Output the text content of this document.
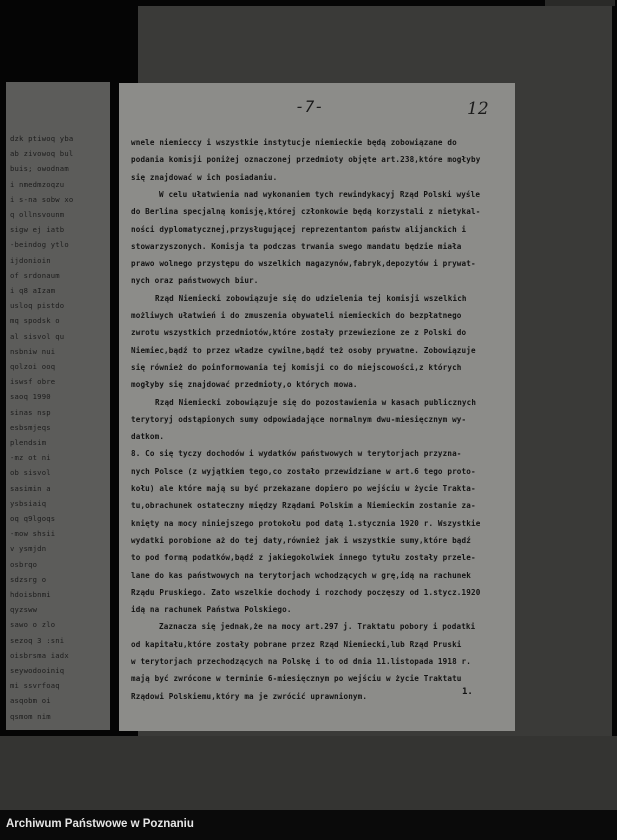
dzk ptiwoq yba
ab zivowoq bul
buis; owodnam
i nmedmzoqzu
i s-na sobw xo
q ollnsvounm
sigw ej iatb
-beindog ytlo
ijdonioin
of srdonaum
i q8 aIzam
usloq pistdo
mq spodsk o
al sisvol qu
nsbniw nui
qolzoi ooq
iswsf obre
saoq 1990
sinas nsp
esbsmjeqs
plendsim
-mz ot ni
ob sisvol
sasimin a
ysbsiaiq
oq q9lgoqs
-mow shsii
v ysmjdn
osbrqo
sdzsrg o
hdoisbnmi
qyzsww
sawo o zlo
sezoq 3 :sni
oisbrsma iadx
seywodooiniq
mi ssvrfoaq
asqobm oi
qsmom nim
-7-	12
1.
wnele niemieccy i wszystkie instytucje niemieckie będą zobowiązane do
podania komisji poniżej oznaczonej przedmioty objęte art.238,które mogłyby
się znajdować w ich posiadaniu.
W celu ułatwienia nad wykonaniem tych rewindykacyj Rząd Polski wyśle
do Berlina specjalną komisję,której członkowie będą korzystali z nietykal-
ności dyplomatycznej,przysługującej reprezentantom państw alijanckich i
stowarzyszonych. Komisja ta podczas trwania swego mandatu będzie miała
prawo wolnego przystępu do wszelkich magazynów,fabryk,depozytów i prywat-
nych oraz państwowych biur.
Rząd Niemiecki zobowiązuje się do udzielenia tej komisji wszelkich
możliwych ułatwień i do zmuszenia obywateli niemieckich do bezpłatnego
zwrotu wszystkich przedmiotów,które zostały przewiezione ze z Polski do
Niemiec,bądź to przez władze cywilne,bądź też osoby prywatne. Zobowiązuje
się również do poinformowania tej komisji co do miejscowości,z których
mogłyby się znajdować przedmioty,o których mowa.
Rząd Niemiecki zobowiązuje się do pozostawienia w kasach publicznych
terytoryj odstąpionych sumy odpowiadające normalnym dwu-miesięcznym wy-
datkom.
8. Co się tyczy dochodów i wydatków państwowych w terytorjach przyzna-
nych Polsce (z wyjątkiem tego,co zostało przewidziane w art.6 tego proto-
kołu) ale które mają su być przekazane dopiero po wejściu w życie Trakta-
tu,obrachunek ostateczny między Rządami Polskim a Niemieckim zostanie za-
knięty na mocy niniejszego protokołu pod datą 1.stycznia 1920 r. Wszystkie
wydatki porobione aż do tej daty,również jak i wszystkie sumy,które bądź
to pod formą podatków,bądź z jakiegokolwiek innego tytułu zostały przele-
lane do kas państwowych na terytorjach wchodzących w grę,idą na rachunek
Rządu Pruskiego. Zato wszelkie dochody i rozchody poczęszy od 1.stycz.1920
idą na rachunek Państwa Polskiego.
Zaznacza się jednak,że na mocy art.297 j. Traktatu pobory i podatki
od kapitału,które zostały pobrane przez Rząd Niemiecki,lub Rząd Pruski
w terytorjach przechodzących na Polskę i to od dnia 11.listopada 1918 r.
mają być zwrócone w terminie 6-miesięcznym po wejściu w życie Traktatu
Rządowi Polskiemu,który ma je zwrócić uprawnionym.
Archiwum Państwowe w Poznaniu
